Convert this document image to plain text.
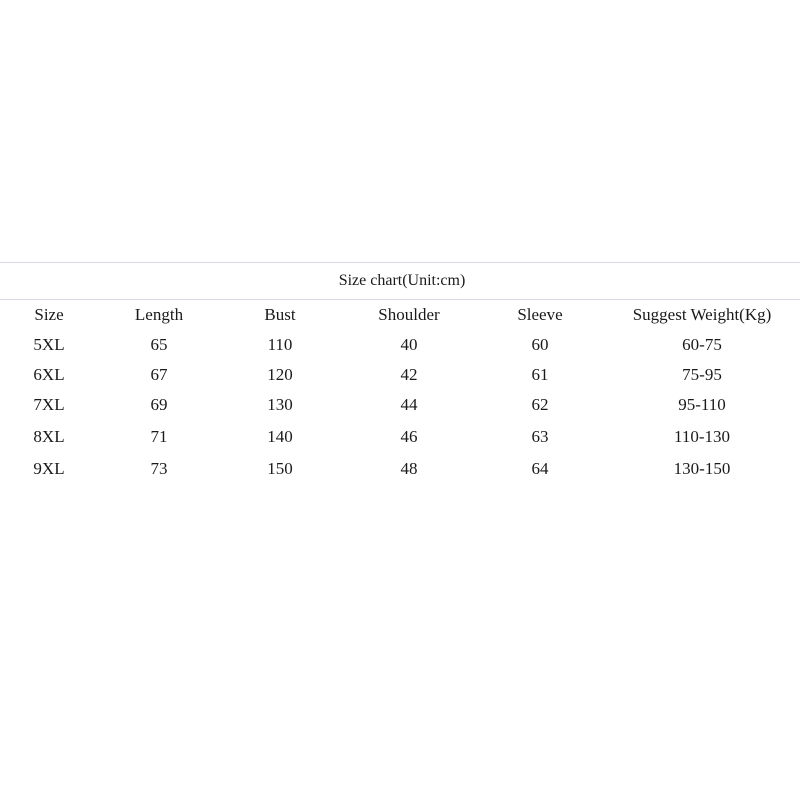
Size chart(Unit:cm)
Size	Length	Bust	Shoulder	Sleeve	Suggest Weight(Kg)
5XL	65	110	40	60	60-75
6XL	67	120	42	61	75-95
7XL	69	130	44	62	95-110
8XL	71	140	46	63	110-130
9XL	73	150	48	64	130-150
